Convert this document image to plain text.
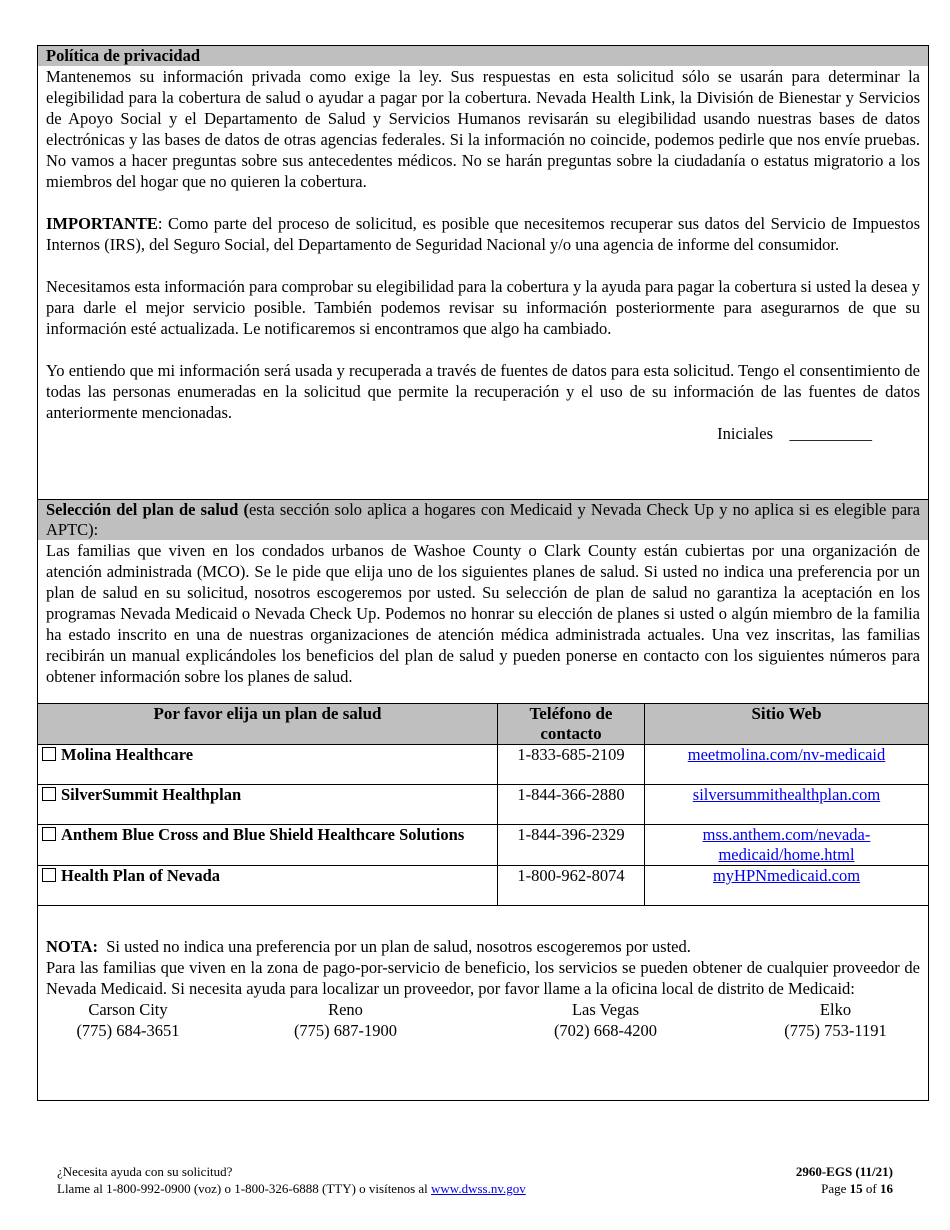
Política de privacidad

Mantenemos su información privada como exige la ley. Sus respuestas en esta solicitud sólo se usarán para determinar la elegibilidad para la cobertura de salud o ayudar a pagar por la cobertura. Nevada Health Link, la División de Bienestar y Servicios de Apoyo Social y el Departamento de Salud y Servicios Humanos revisarán su elegibilidad usando nuestras bases de datos electrónicas y las bases de datos de otras agencias federales. Si la información no coincide, podemos pedirle que nos envíe pruebas. No vamos a hacer preguntas sobre sus antecedentes médicos. No se harán preguntas sobre la ciudadanía o estatus migratorio a los miembros del hogar que no quieren la cobertura.

IMPORTANTE: Como parte del proceso de solicitud, es posible que necesitemos recuperar sus datos del Servicio de Impuestos Internos (IRS), del Seguro Social, del Departamento de Seguridad Nacional y/o una agencia de informe del consumidor.

Necesitamos esta información para comprobar su elegibilidad para la cobertura y la ayuda para pagar la cobertura si usted la desea y para darle el mejor servicio posible. También podemos revisar su información posteriormente para asegurarnos de que su información esté actualizada. Le notificaremos si encontramos que algo ha cambiado.

Yo entiendo que mi información será usada y recuperada a través de fuentes de datos para esta solicitud. Tengo el consentimiento de todas las personas enumeradas en la solicitud que permite la recuperación y el uso de su información de las fuentes de datos anteriormente mencionadas.

Iniciales __________
Selección del plan de salud (esta sección solo aplica a hogares con Medicaid y Nevada Check Up y no aplica si es elegible para APTC):
Las familias que viven en los condados urbanos de Washoe County o Clark County están cubiertas por una organización de atención administrada (MCO). Se le pide que elija uno de los siguientes planes de salud. Si usted no indica una preferencia por un plan de salud en su solicitud, nosotros escogeremos por usted. Su selección de plan de salud no garantiza la aceptación en los programas Nevada Medicaid o Nevada Check Up. Podemos no honrar su elección de planes si usted o algún miembro de la familia ha estado inscrito en una de nuestras organizaciones de atención médica administrada actuales. Una vez inscritas, las familias recibirán un manual explicándoles los beneficios del plan de salud y pueden ponerse en contacto con los siguientes números para obtener información sobre los planes de salud.
Por favor elija un plan de salud	Teléfono de contacto	Sitio Web
Molina Healthcare	1-833-685-2109	meetmolina.com/nv-medicaid
SilverSummit Healthplan	1-844-366-2880	silversummithealthplan.com
Anthem Blue Cross and Blue Shield Healthcare Solutions	1-844-396-2329	mss.anthem.com/nevada-medicaid/home.html
Health Plan of Nevada	1-800-962-8074	myHPNmedicaid.com
NOTA:  Si usted no indica una preferencia por un plan de salud, nosotros escogeremos por usted.
Para las familias que viven en la zona de pago-por-servicio de beneficio, los servicios se pueden obtener de cualquier proveedor de Nevada Medicaid. Si necesita ayuda para localizar un proveedor, por favor llame a la oficina local de distrito de Medicaid:
Carson City
(775) 684-3651
Reno
(775) 687-1900
Las Vegas
(702) 668-4200
Elko
(775) 753-1191
¿Necesita ayuda con su solicitud?
Llame al 1-800-992-0900 (voz) o 1-800-326-6888 (TTY) o visítenos al www.dwss.nv.gov
2960-EGS (11/21)
Page 15 of 16
